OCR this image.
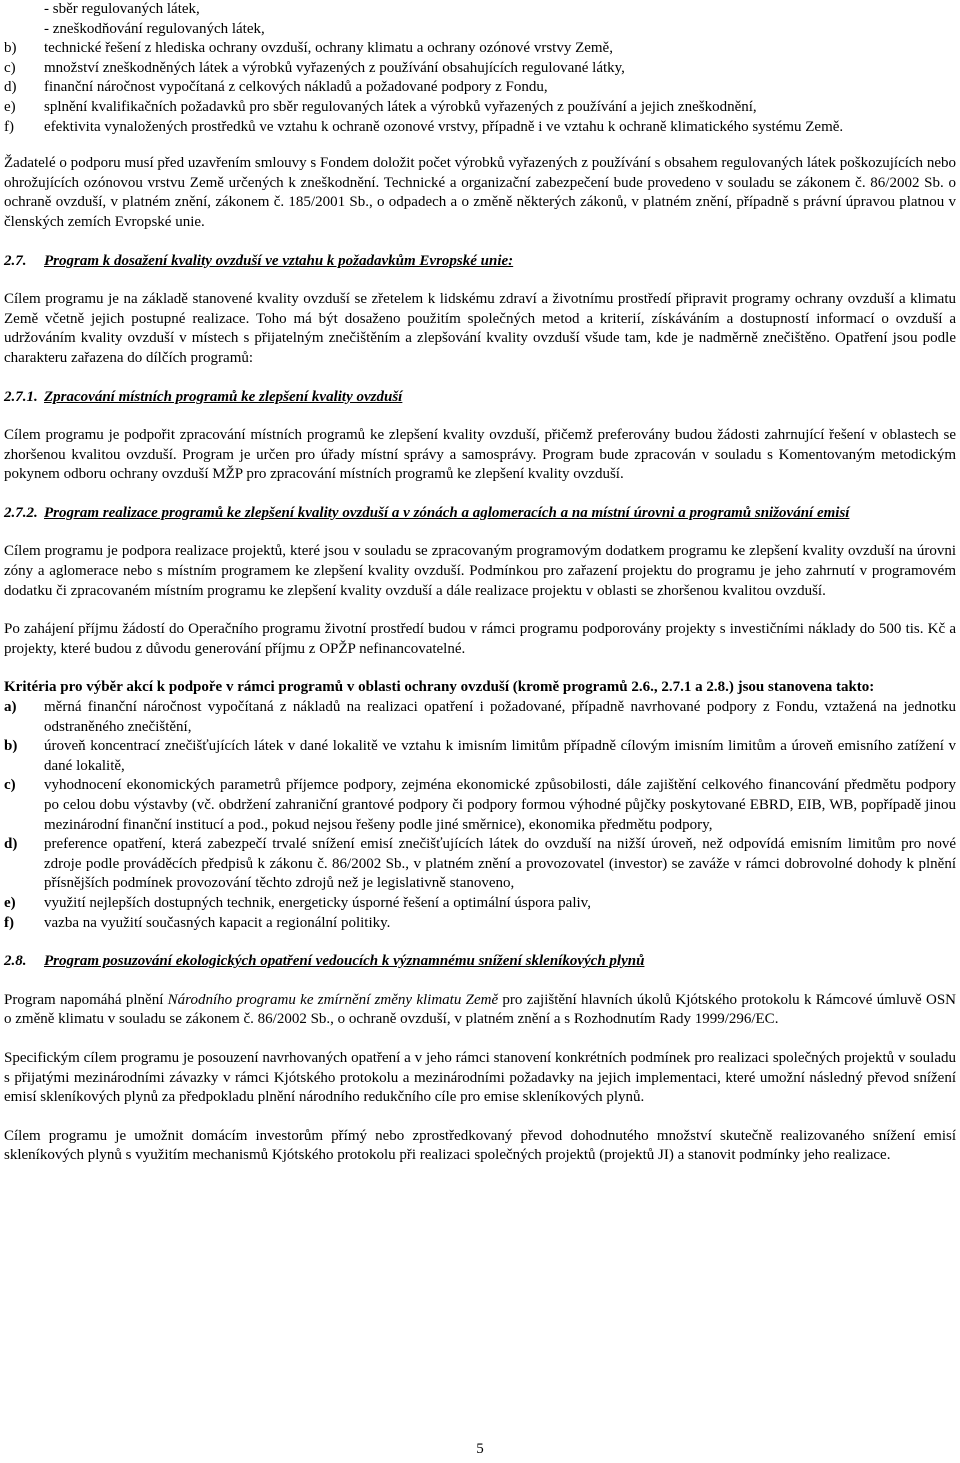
- sběr regulovaných látek,

- zneškodňování regulovaných látek,

b)	technické řešení z hlediska ochrany ovzduší, ochrany klimatu a ochrany ozónové vrstvy Země,
c)	množství zneškodněných látek a výrobků vyřazených z používání obsahujících regulované látky,
d)	finanční náročnost vypočítaná z celkových nákladů a požadované podpory z Fondu,
e)	splnění kvalifikačních požadavků pro sběr regulovaných látek a výrobků vyřazených z používání a jejich zneškodnění,
f)	efektivita vynaložených prostředků ve vztahu k ochraně ozonové vrstvy, případně i ve vztahu k ochraně klimatického systému Země.

Žadatelé o podporu musí před uzavřením smlouvy s Fondem doložit počet výrobků vyřazených z používání s obsahem regulovaných látek poškozujících nebo ohrožujících ozónovou vrstvu Země určených k zneškodnění. Technické a organizační zabezpečení bude provedeno v souladu se zákonem č. 86/2002 Sb. o ochraně ovzduší, v platném znění, zákonem č. 185/2001 Sb., o odpadech a o změně některých zákonů, v platném znění, případně s právní úpravou platnou v členských zemích Evropské unie.

2.7.	Program k dosažení kvality ovzduší ve vztahu k požadavkům Evropské unie:

Cílem programu je na základě stanovené kvality ovzduší se zřetelem k lidskému zdraví a životnímu prostředí připravit programy ochrany ovzduší a klimatu Země včetně jejich postupné realizace. Toho má být dosaženo použitím společných metod a kriterií, získáváním a dostupností informací o ovzduší a udržováním kvality ovzduší v místech s přijatelným znečištěním a zlepšování kvality ovzduší všude tam, kde je nadměrně znečištěno. Opatření jsou podle charakteru zařazena do dílčích programů:

2.7.1. Zpracování místních programů ke zlepšení kvality ovzduší

Cílem programu je podpořit zpracování místních programů ke zlepšení kvality ovzduší, přičemž preferovány budou žádosti zahrnující řešení v oblastech se zhoršenou kvalitou ovzduší. Program je určen pro úřady místní správy a samosprávy. Program bude zpracován v souladu s Komentovaným metodickým pokynem odboru ochrany ovzduší MŽP pro zpracování místních programů ke zlepšení kvality ovzduší.

2.7.2. Program realizace programů ke zlepšení kvality ovzduší a v zónách a aglomeracích a na místní úrovni a programů snižování emisí

Cílem programu je podpora realizace projektů, které jsou v souladu se zpracovaným programovým dodatkem programu ke zlepšení kvality ovzduší na úrovni zóny a aglomerace nebo s místním programem ke zlepšení kvality ovzduší. Podmínkou pro zařazení projektu do programu je jeho zahrnutí v programovém dodatku či zpracovaném místním programu ke zlepšení kvality ovzduší a dále realizace projektu v oblasti se zhoršenou kvalitou ovzduší.

Po zahájení příjmu žádostí do Operačního programu životní prostředí budou v rámci programu podporovány projekty s investičními náklady do 500 tis. Kč a projekty, které budou z důvodu generování příjmu z OPŽP nefinancovatelné.

Kritéria pro výběr akcí k podpoře v rámci programů v oblasti ochrany ovzduší (kromě programů 2.6., 2.7.1 a 2.8.) jsou stanovena takto:

a)	měrná finanční náročnost vypočítaná z nákladů na realizaci opatření i požadované, případně navrhované podpory z Fondu, vztažená na jednotku odstraněného znečištění,
b)	úroveň koncentrací znečišťujících látek v dané lokalitě ve vztahu k imisním limitům případně cílovým imisním limitům a úroveň emisního zatížení v dané lokalitě,
c)	vyhodnocení ekonomických parametrů příjemce podpory, zejména ekonomické způsobilosti, dále zajištění celkového financování předmětu podpory po celou dobu výstavby (vč. obdržení zahraniční grantové podpory či podpory formou výhodné půjčky poskytované EBRD, EIB, WB, popřípadě jinou mezinárodní finanční institucí a pod., pokud nejsou řešeny podle jiné směrnice), ekonomika předmětu podpory,
d)	preference opatření, která zabezpečí trvalé snížení emisí znečišťujících látek do ovzduší na nižší úroveň, než odpovídá emisním limitům pro nové zdroje podle prováděcích předpisů k zákonu č. 86/2002 Sb., v platném znění a provozovatel (investor) se zaváže v rámci dobrovolné dohody k plnění přísnějších podmínek provozování těchto zdrojů než je legislativně stanoveno,
e)	využití nejlepších dostupných technik, energeticky úsporné řešení a optimální úspora paliv,
f)	vazba na využití současných kapacit a regionální politiky.
2.8.	Program posuzování ekologických opatření vedoucích k významnému snížení skleníkových plynů

Program napomáhá plnění Národního programu ke zmírnění změny klimatu Země pro zajištění hlavních úkolů Kjótského protokolu k Rámcové úmluvě OSN o změně klimatu v souladu se zákonem č. 86/2002 Sb., o ochraně ovzduší, v platném znění a s Rozhodnutím Rady 1999/296/EC.

Specifickým cílem programu je posouzení navrhovaných opatření a v jeho rámci stanovení konkrétních podmínek pro realizaci společných projektů v souladu s přijatými mezinárodními závazky v rámci Kjótského protokolu a mezinárodními požadavky na jejich implementaci, které umožní následný převod snížení emisí skleníkových plynů za předpokladu plnění národního redukčního cíle pro emise skleníkových plynů.

Cílem programu je umožnit domácím investorům přímý nebo zprostředkovaný převod dohodnutého množství skutečně realizovaného snížení emisí skleníkových plynů s využitím mechanismů Kjótského protokolu při realizaci společných projektů (projektů JI) a stanovit podmínky jeho realizace.

5
